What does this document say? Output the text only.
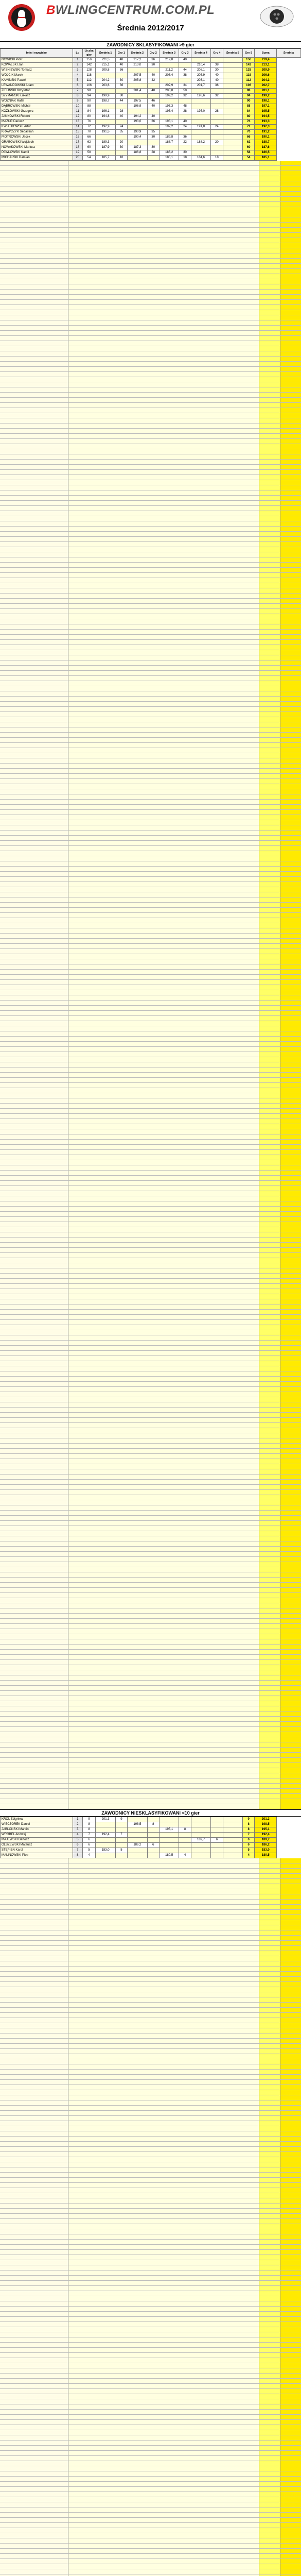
BWLINGCENTRUM.COM.PL
Średnia 2012/2017
ZAWODNICY SKLASYFIKOWANI >9 gier
Imię i nazwisko	Lp	Liczba gier	Średnia 1	Gry 1	Średnia 2	Gry 2	Średnia 3	Gry 3	Średnia 4	Gry 4	Średnia 5	Gry 5	Suma	Średnia
NOWICKI Piotr	1	156	221,5	48	217,2	36	219,8	40				156	219,4	
KOWALSKI Jan	2	142	215,1	40	213,0	30			210,4	38		142	213,1	
WIŚNIEWSKI Tomasz	3	128	209,8	36			211,2	44	208,1	30		128	209,9	
WÓJCIK Marek	4	118			207,5	40	206,4	38	205,9	40		118	206,6	
KAMIŃSKI Paweł	5	112	204,2	30	205,8	42			203,1	40		112	204,3	
LEWANDOWSKI Adam	6	106	203,6	36			202,9	34	201,7	36		106	202,7	
ZIELIŃSKI Krzysztof	7	98			201,4	48	200,8	50				98	201,1	
SZYMAŃSKI Łukasz	8	94	199,9	30			199,2	32	198,6	32		94	199,2	
WOŹNIAK Rafał	9	90	198,7	44	197,5	46						90	198,1	
DĄBROWSKI Michał	10	88			196,9	40	197,3	48				88	197,1	
KOZŁOWSKI Grzegorz	11	84	196,1	28			195,4	28	195,0	28		84	195,5	
JANKOWSKI Robert	12	80	194,8	40	194,2	40						80	194,5	
MAZUR Dariusz	13	76			193,6	36	193,1	40				76	193,3	
KWIATKOWSKI Artur	14	72	192,9	24			192,2	24	191,8	24		72	192,3	
KRAWCZYK Sebastian	15	70	191,5	35	190,9	35						70	191,2	
PIOTROWSKI Jacek	16	66			190,4	30	189,8	36				66	190,1	
GRABOWSKI Wojciech	17	62	189,3	20			188,7	22	188,2	20		62	188,7	
NOWAKOWSKI Mariusz	18	60	187,9	30	187,3	30						60	187,6	
PAWŁOWSKI Kamil	19	58			186,8	28	186,2	30				58	186,5	
MICHALSKI Damian	20	54	185,7	18			185,1	18	184,6	18		54	185,1	
ZAWODNICY NIESKLASYFIKOWANI <10 gier
KRÓL Zbigniew	1	9	201,3	9								9	201,3
WIECZOREK Daniel	2	8			198,5	8						8	198,5
JABŁOŃSKI Marcin	3	8					195,1	8				8	195,1
WRÓBEL Andrzej	4	7	192,4	7								7	192,4
MAJEWSKI Bartosz	5	6							189,7	6		6	189,7
OLSZEWSKI Mateusz	6	6			186,2	6						6	186,2
STĘPIEŃ Karol	7	5	183,0	5								5	183,0
MALINOWSKI Piotr	8	4					180,5	4				4	180,5
